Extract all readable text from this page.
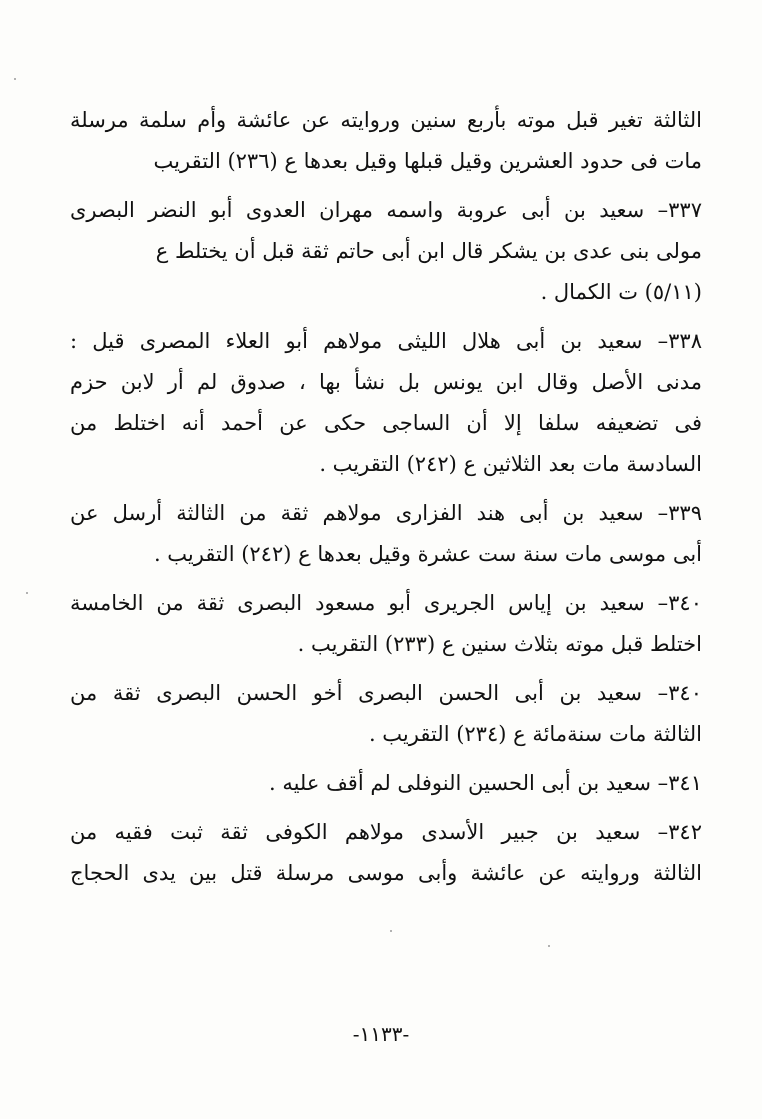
الثالثة تغير قبل موته بأربع سنين وروايته عن عائشة وأم سلمة مرسلة
مات فى حدود العشرين وقيل قبلها وقيل بعدها ع (٢٣٦) التقريب
٣٣٧– سعيد بن أبى عروبة واسمه مهران العدوى أبو النضر البصرى
مولى بنى عدى بن يشكر قال ابن أبى حاتم ثقة قبل أن يختلط ع
(٥/١١) ت الكمال .
٣٣٨– سعيد بن أبى هلال الليثى مولاهم أبو العلاء المصرى قيل :
مدنى الأصل وقال ابن يونس بل نشأ بها ، صدوق لم أر لابن حزم
فى تضعيفه سلفا إلا أن الساجى حكى عن أحمد أنه اختلط من
السادسة مات بعد الثلاثين ع (٢٤٢) التقريب .
٣٣٩– سعيد بن أبى هند الفزارى مولاهم ثقة من الثالثة أرسل عن
أبى موسى مات سنة ست عشرة وقيل بعدها ع (٢٤٢) التقريب .
٣٤٠– سعيد بن إياس الجريرى أبو مسعود البصرى ثقة من الخامسة
اختلط قبل موته بثلاث سنين ع (٢٣٣) التقريب .
٣٤٠َ– سعيد بن أبى الحسن البصرى أخو الحسن البصرى ثقة من
الثالثة مات سنةمائة ع (٢٣٤) التقريب .
٣٤١– سعيد بن أبى الحسين النوفلى لم أقف عليه .
٣٤٢– سعيد بن جبير الأسدى مولاهم الكوفى ثقة ثبت فقيه من
الثالثة وروايته عن عائشة وأبى موسى مرسلة قتل بين يدى الحجاج
-١١٣٣-
